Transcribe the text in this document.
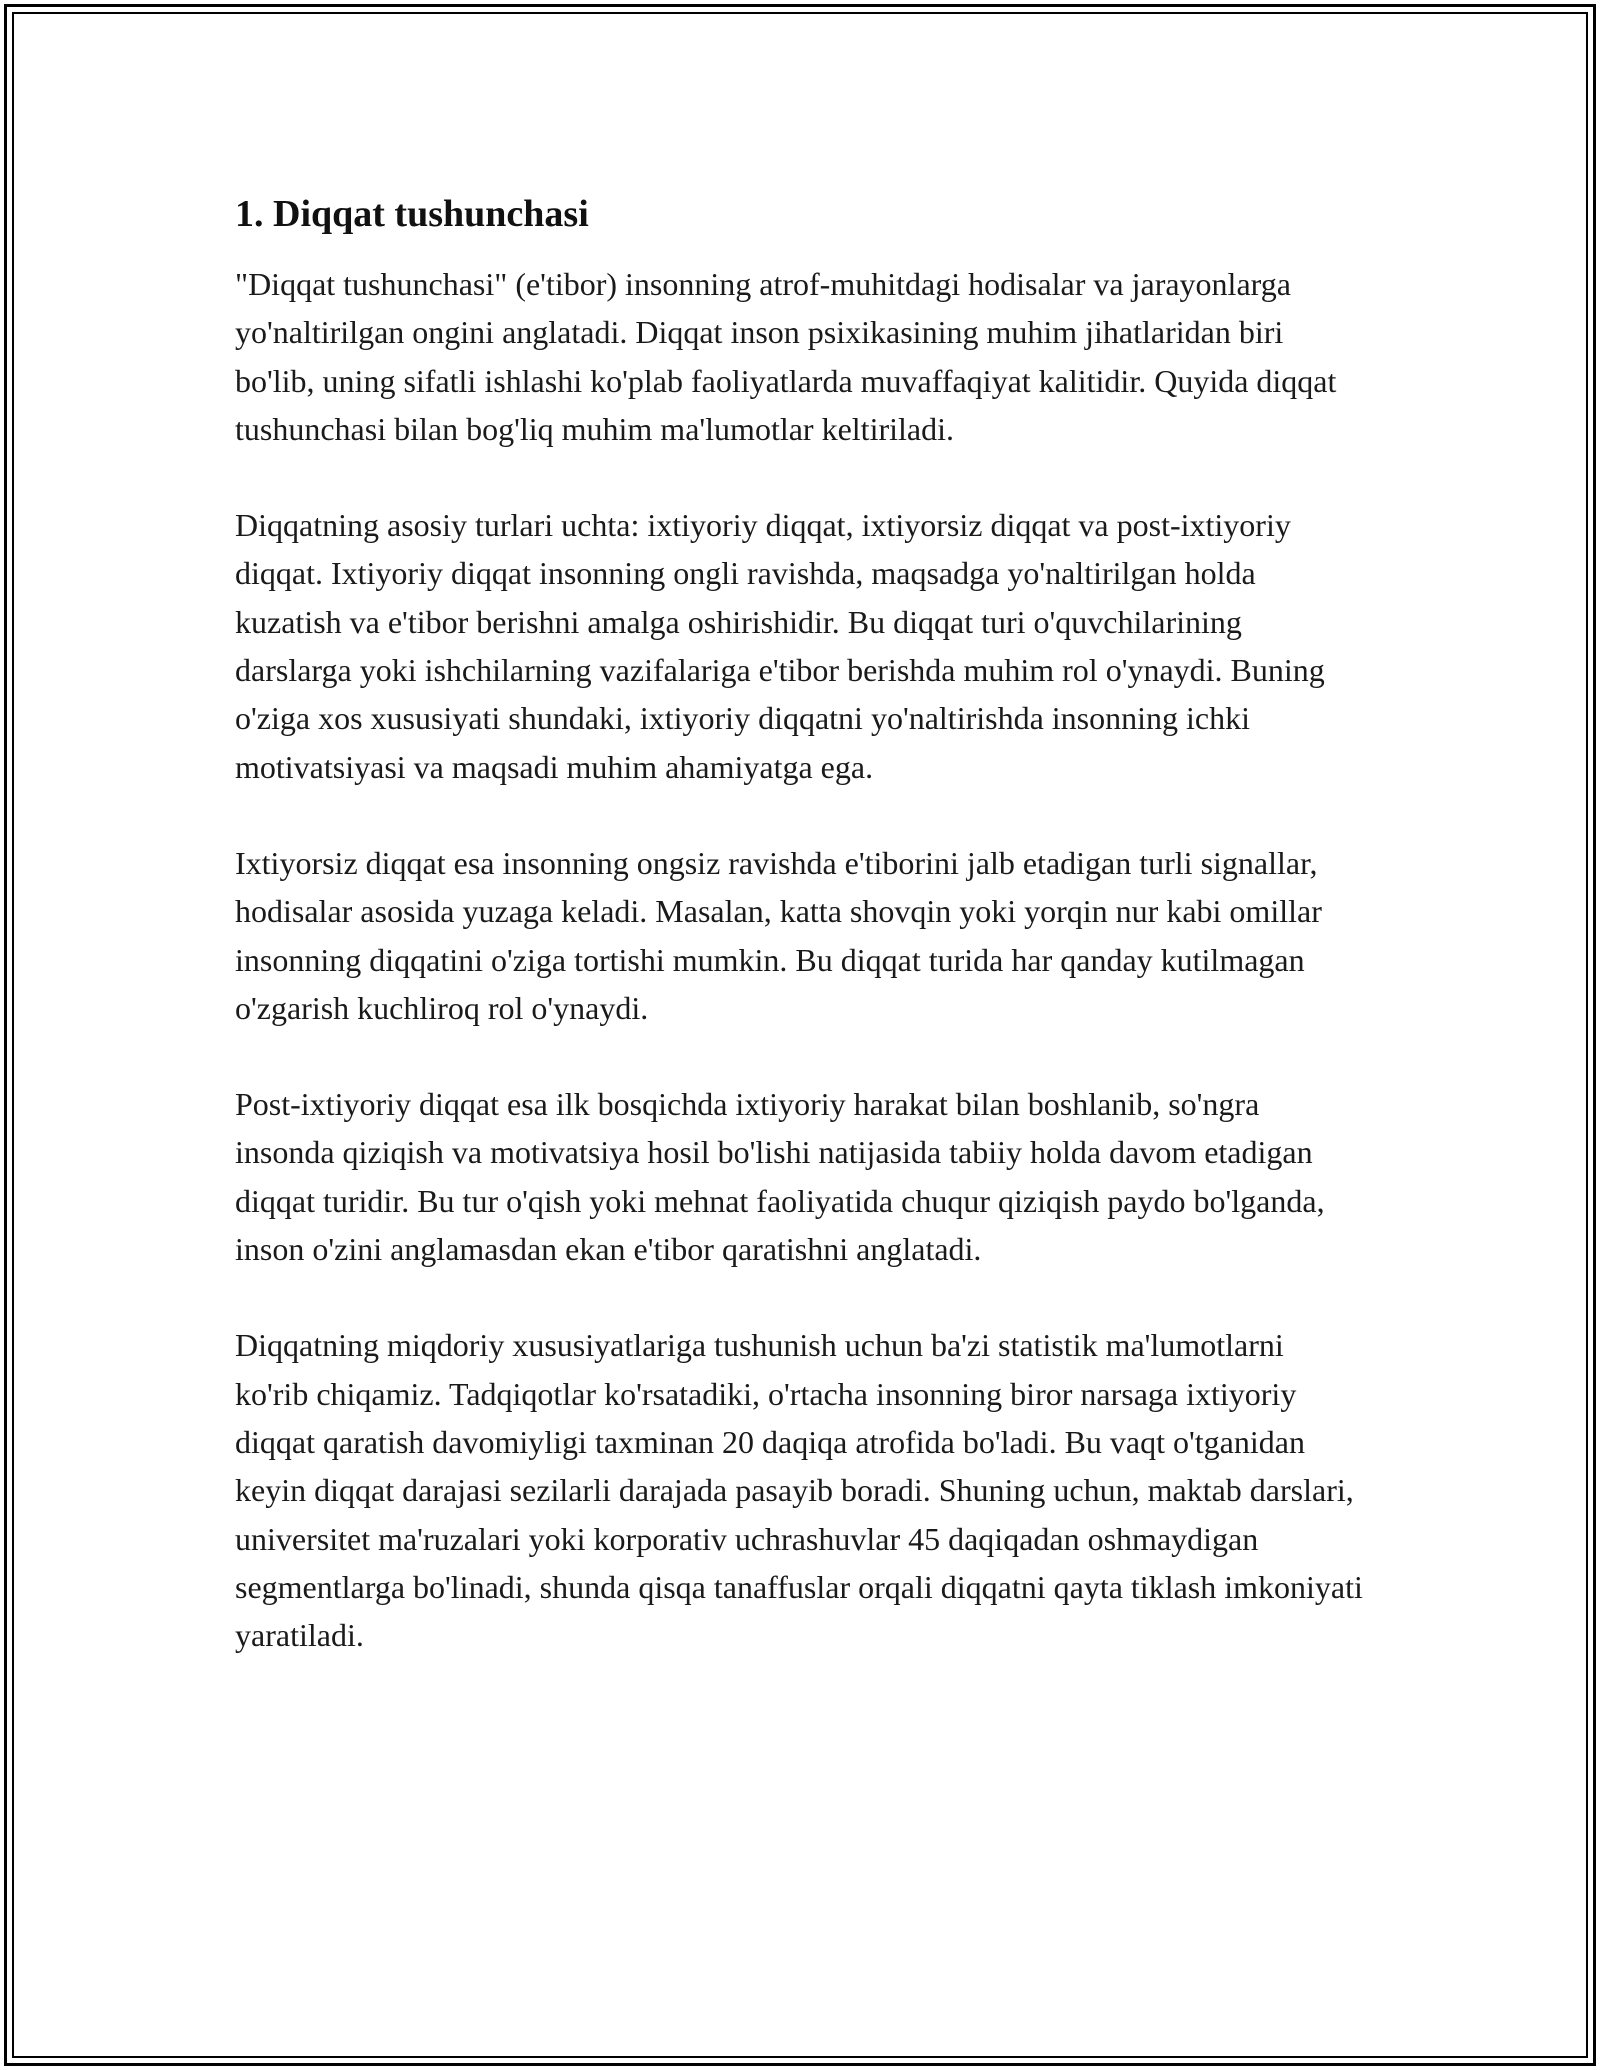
1. Diqqat tushunchasi

"Diqqat tushunchasi" (e'tibor) insonning atrof-muhitdagi hodisalar va jarayonlarga yo'naltirilgan ongini anglatadi. Diqqat inson psixikasining muhim jihatlaridan biri bo'lib, uning sifatli ishlashi ko'plab faoliyatlarda muvaffaqiyat kalitidir. Quyida diqqat tushunchasi bilan bog'liq muhim ma'lumotlar keltiriladi.

Diqqatning asosiy turlari uchta: ixtiyoriy diqqat, ixtiyorsiz diqqat va post-ixtiyoriy diqqat. Ixtiyoriy diqqat insonning ongli ravishda, maqsadga yo'naltirilgan holda kuzatish va e'tibor berishni amalga oshirishidir. Bu diqqat turi o'quvchilarining darslarga yoki ishchilarning vazifalariga e'tibor berishda muhim rol o'ynaydi. Buning o'ziga xos xususiyati shundaki, ixtiyoriy diqqatni yo'naltirishda insonning ichki motivatsiyasi va maqsadi muhim ahamiyatga ega.

Ixtiyorsiz diqqat esa insonning ongsiz ravishda e'tiborini jalb etadigan turli signallar, hodisalar asosida yuzaga keladi. Masalan, katta shovqin yoki yorqin nur kabi omillar insonning diqqatini o'ziga tortishi mumkin. Bu diqqat turida har qanday kutilmagan o'zgarish kuchliroq rol o'ynaydi.

Post-ixtiyoriy diqqat esa ilk bosqichda ixtiyoriy harakat bilan boshlanib, so'ngra insonda qiziqish va motivatsiya hosil bo'lishi natijasida tabiiy holda davom etadigan diqqat turidir. Bu tur o'qish yoki mehnat faoliyatida chuqur qiziqish paydo bo'lganda, inson o'zini anglamasdan ekan e'tibor qaratishni anglatadi.

Diqqatning miqdoriy xususiyatlariga tushunish uchun ba'zi statistik ma'lumotlarni ko'rib chiqamiz. Tadqiqotlar ko'rsatadiki, o'rtacha insonning biror narsaga ixtiyoriy diqqat qaratish davomiyligi taxminan 20 daqiqa atrofida bo'ladi. Bu vaqt o'tganidan keyin diqqat darajasi sezilarli darajada pasayib boradi. Shuning uchun, maktab darslari, universitet ma'ruzalari yoki korporativ uchrashuvlar 45 daqiqadan oshmaydigan segmentlarga bo'linadi, shunda qisqa tanaffuslar orqali diqqatni qayta tiklash imkoniyati yaratiladi.
